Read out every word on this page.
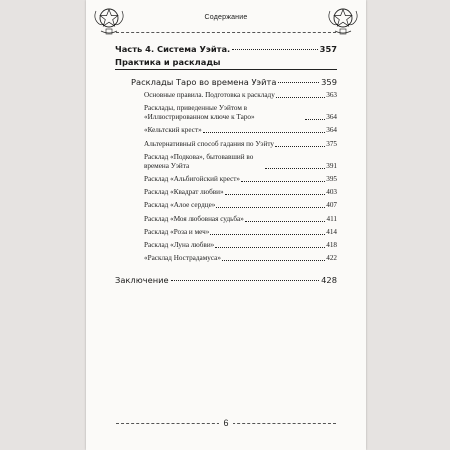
Содержание
Часть 4. Система Уэйта.	357
Практика и расклады
Расклады Таро во времена Уэйта	359
Основные правила. Подготовка к раскладу	363
Расклады, приведенные Уэйтом в «Иллюстрированном ключе к Таро»	364
«Кельтский крест»	364
Альтернативный способ гадания по Уэйту	375
Расклад «Подкова», бытовавший во времена Уэйта	391
Расклад «Альбигойский крест»	395
Расклад «Квадрат любви»	403
Расклад «Алое сердце»	407
Расклад «Моя любовная судьба»	411
Расклад «Роза и меч»	414
Расклад «Луна любви»	418
«Расклад Нострадамуса»	422
Заключение	428
6
